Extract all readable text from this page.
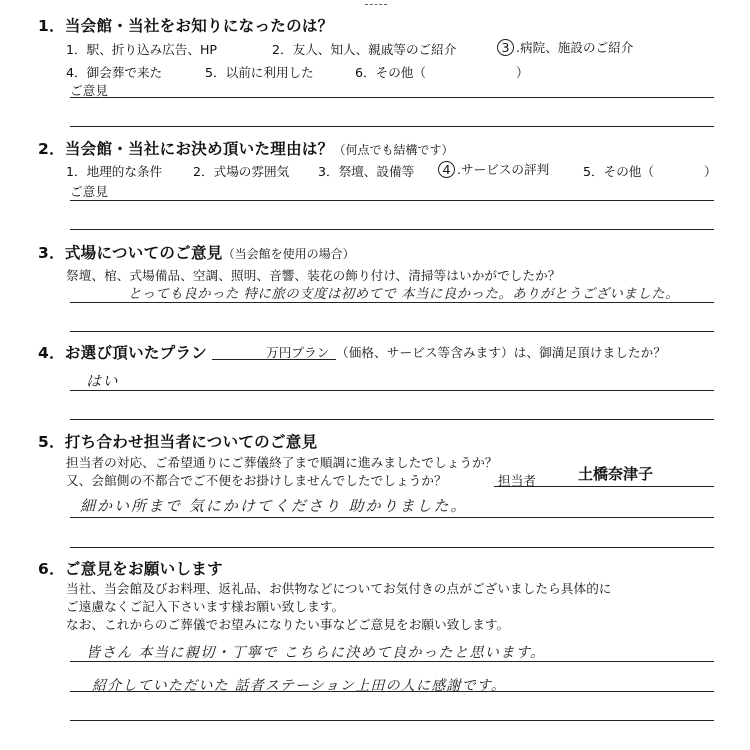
1．当会館・当社をお知りになったのは？
1．駅、折り込み広告、HP	2．友人、知人、親戚等のご紹介	3 .病院、施設のご紹介
4．御会葬で来た	5．以前に利用した	6．その他（	）
ご意見
2．当会館・当社にお決め頂いた理由は？（何点でも結構です）
1．地理的な条件 2．式場の雰囲気 3．祭壇、設備等	4 .サービスの評判	5．その他（	）
ご意見
3．式場についてのご意見（当会館を使用の場合）
祭壇、棺、式場備品、空調、照明、音響、装花の飾り付け、清掃等はいかがでしたか？
とっても良かった 特に旅の支度は初めてで 本当に良かった。ありがとうございました。
4．お選び頂いたプラン	万円プラン （価格、サービス等含みます）は、御満足頂けましたか？
はい
5．打ち合わせ担当者についてのご意見
担当者の対応、ご希望通りにご葬儀終了まで順調に進みましたでしょうか？
又、会館側の不都合でご不便をお掛けしませんでしたでしょうか？	担当者	土橋奈津子
細かい所まで 気にかけてくださり 助かりました。
6．ご意見をお願いします
当社、当会館及びお料理、返礼品、お供物などについてお気付きの点がございましたら具体的に
ご遠慮なくご記入下さいます様お願い致します。
なお、これからのご葬儀でお望みになりたい事などご意見をお願い致します。
皆さん 本当に親切・丁寧で こちらに決めて良かったと思います。
紹介していただいた 話者ステーション上田の人に感謝です。
